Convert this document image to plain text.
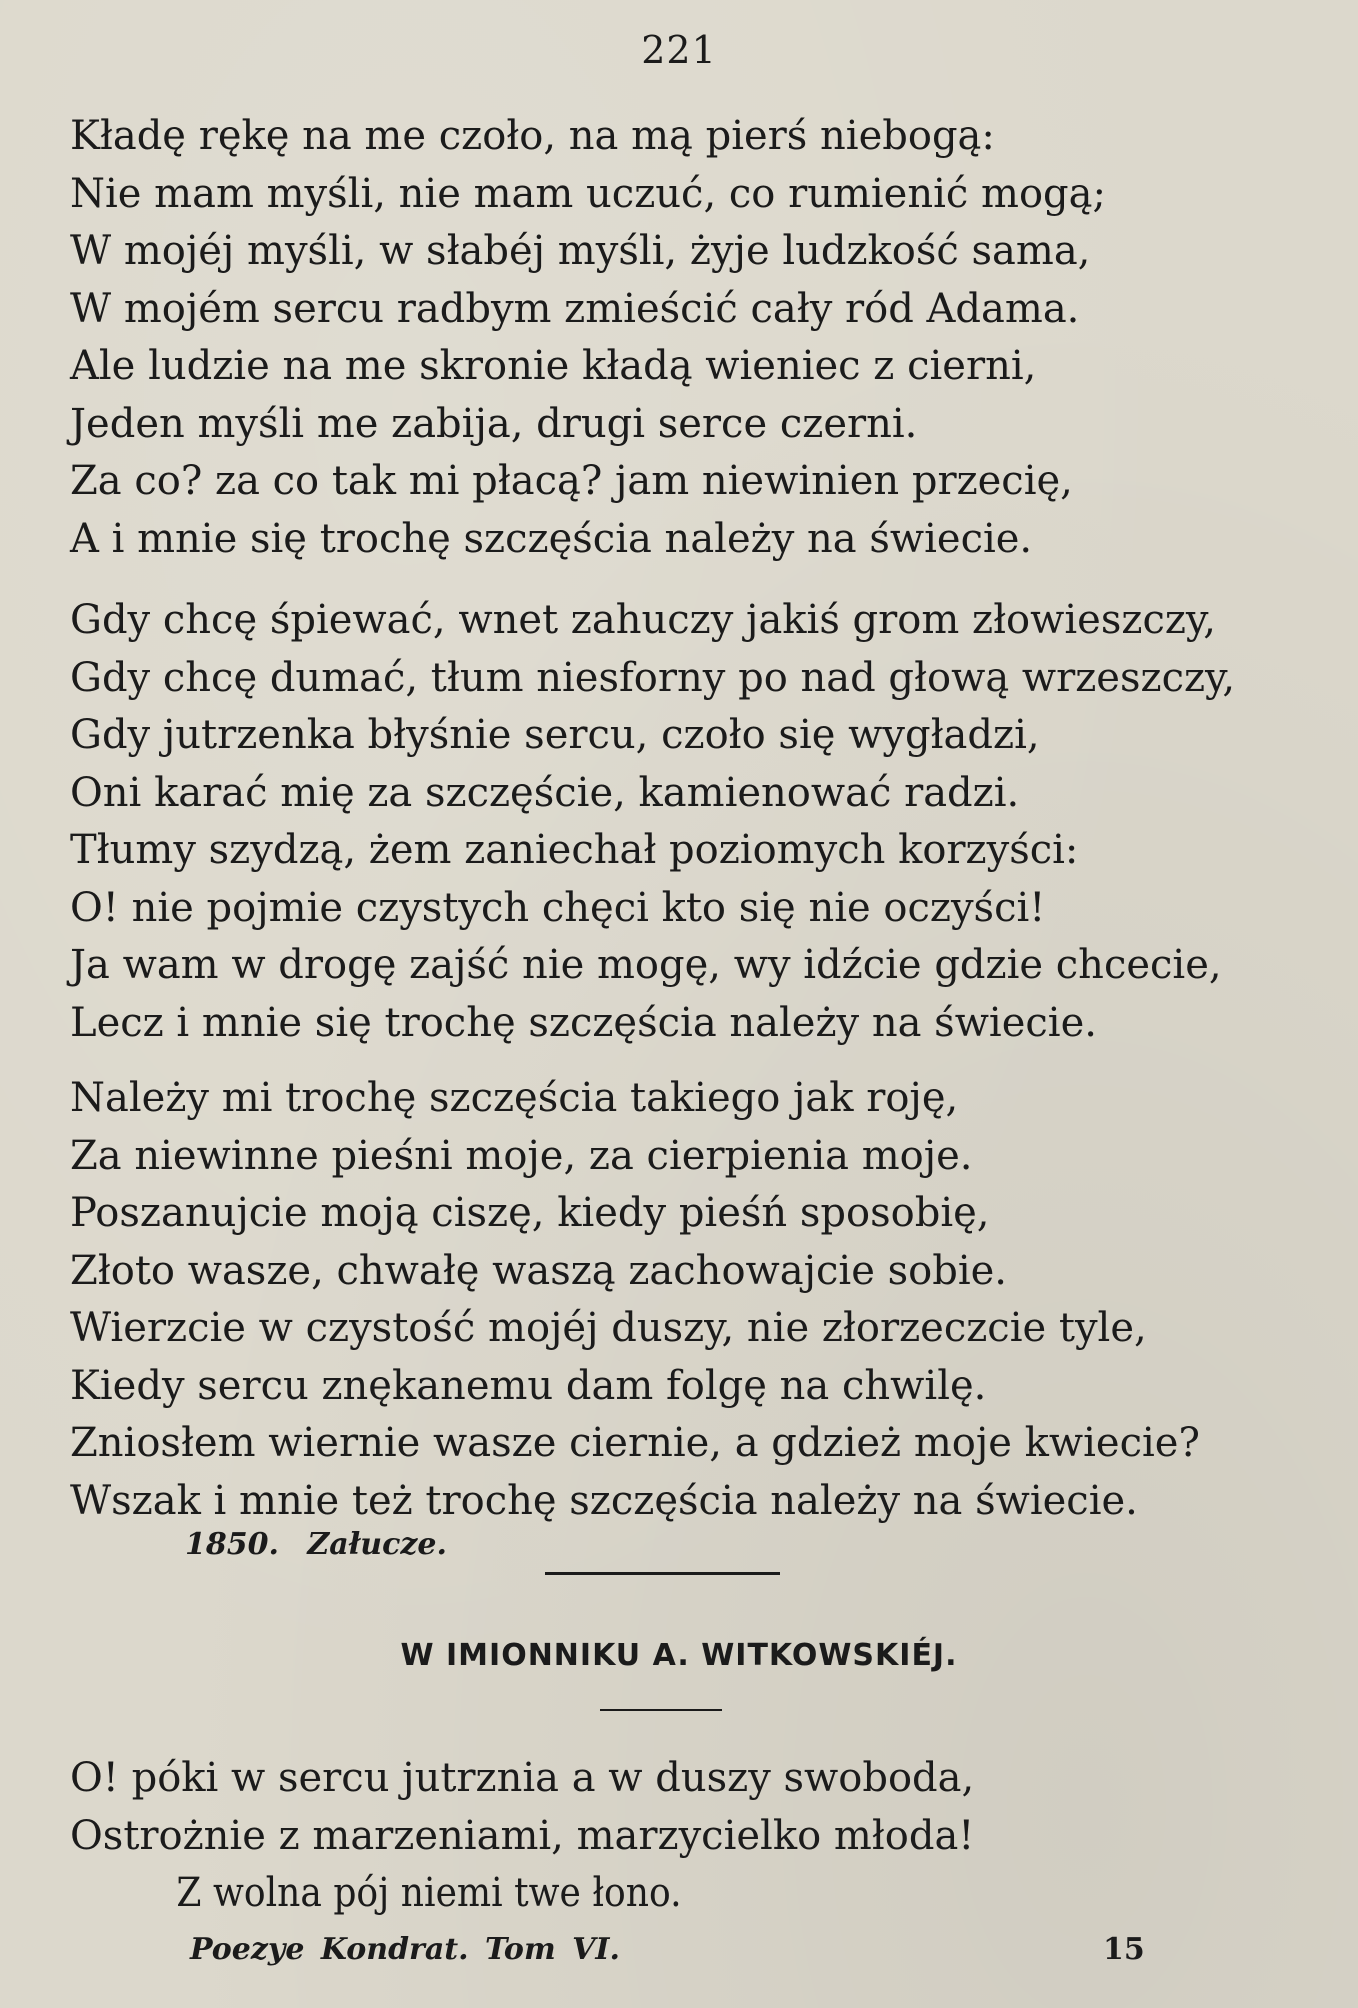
221
Kładę rękę na me czoło, na mą pierś niebogą:
Nie mam myśli, nie mam uczuć, co rumienić mogą;
W mojéj myśli, w słabéj myśli, żyje ludzkość sama,
W mojém sercu radbym zmieścić cały ród Adama.
Ale ludzie na me skronie kładą wieniec z cierni,
Jeden myśli me zabija, drugi serce czerni.
Za co? za co tak mi płacą? jam niewinien przecię,
A i mnie się trochę szczęścia należy na świecie.
Gdy chcę śpiewać, wnet zahuczy jakiś grom złowieszczy,
Gdy chcę dumać, tłum niesforny po nad głową wrzeszczy,
Gdy jutrzenka błyśnie sercu, czoło się wygładzi,
Oni karać mię za szczęście, kamienować radzi.
Tłumy szydzą, żem zaniechał poziomych korzyści:
O! nie pojmie czystych chęci kto się nie oczyści!
Ja wam w drogę zajść nie mogę, wy idźcie gdzie chcecie,
Lecz i mnie się trochę szczęścia należy na świecie.
Należy mi trochę szczęścia takiego jak roję,
Za niewinne pieśni moje, za cierpienia moje.
Poszanujcie moją ciszę, kiedy pieśń sposobię,
Złoto wasze, chwałę waszą zachowajcie sobie.
Wierzcie w czystość mojéj duszy, nie złorzeczcie tyle,
Kiedy sercu znękanemu dam folgę na chwilę.
Zniosłem wiernie wasze ciernie, a gdzież moje kwiecie?
Wszak i mnie też trochę szczęścia należy na świecie.
1850. Załucze.
W IMIONNIKU A. WITKOWSKIÉJ.
O! póki w sercu jutrznia a w duszy swoboda,
Ostrożnie z marzeniami, marzycielko młoda!
Z wolna pój niemi twe łono.
Poezye Kondrat. Tom VI.	15
